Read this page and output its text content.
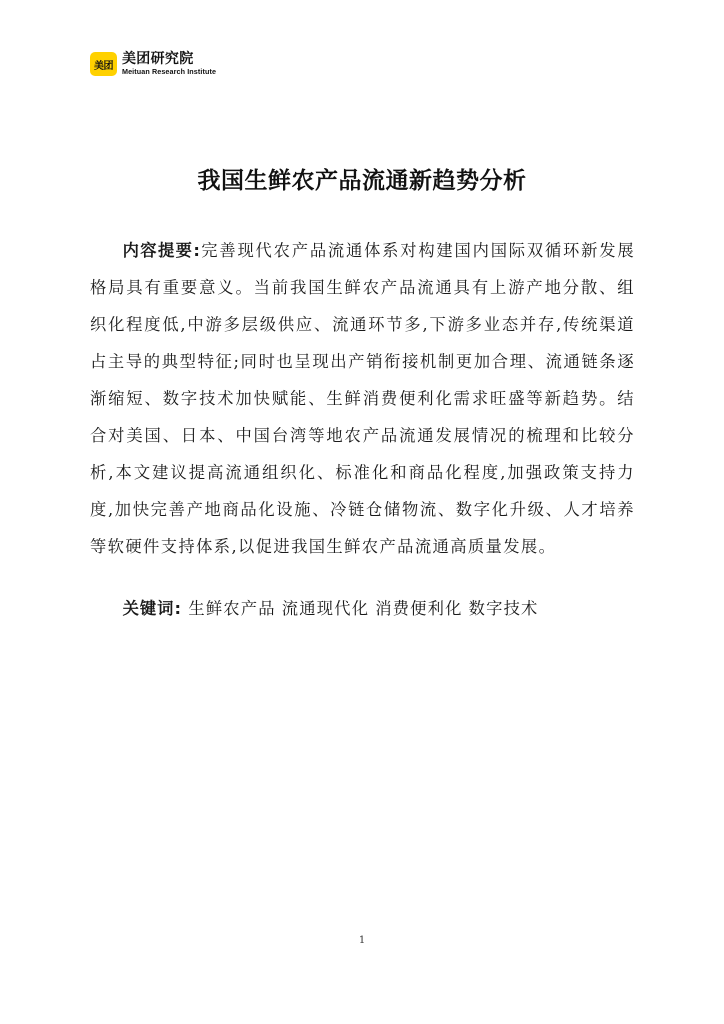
美团 美团研究院
Meituan Research Institute
我国生鲜农产品流通新趋势分析

内容提要:完善现代农产品流通体系对构建国内国际双循环新发展格局具有重要意义。当前我国生鲜农产品流通具有上游产地分散、组织化程度低,中游多层级供应、流通环节多,下游多业态并存,传统渠道占主导的典型特征;同时也呈现出产销衔接机制更加合理、流通链条逐渐缩短、数字技术加快赋能、生鲜消费便利化需求旺盛等新趋势。结合对美国、日本、中国台湾等地农产品流通发展情况的梳理和比较分析,本文建议提高流通组织化、标准化和商品化程度,加强政策支持力度,加快完善产地商品化设施、冷链仓储物流、数字化升级、人才培养等软硬件支持体系,以促进我国生鲜农产品流通高质量发展。

关键词: 生鲜农产品 流通现代化 消费便利化 数字技术

1
